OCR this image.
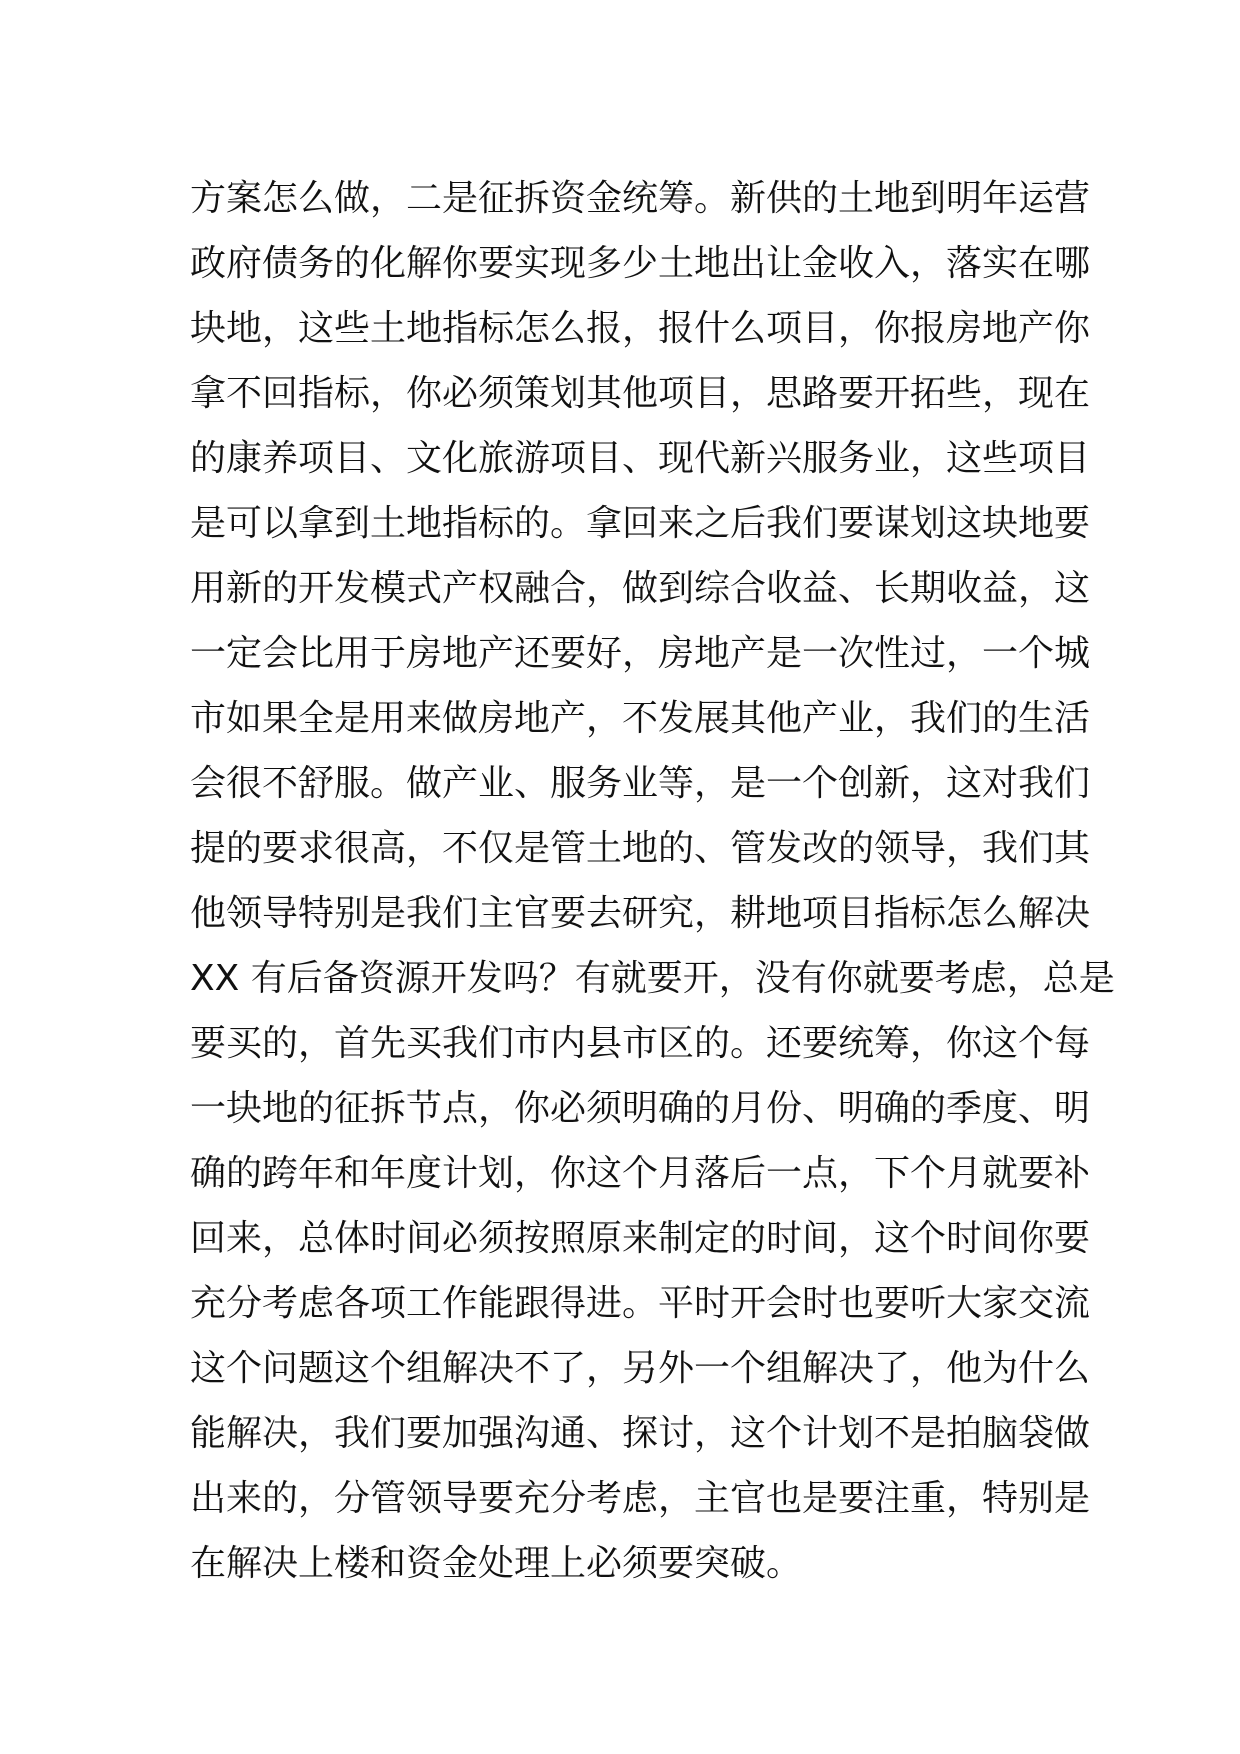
方案怎么做，二是征拆资金统筹。新供的土地到明年运营
政府债务的化解你要实现多少土地出让金收入，落实在哪
块地，这些土地指标怎么报，报什么项目，你报房地产你
拿不回指标，你必须策划其他项目，思路要开拓些，现在
的康养项目、文化旅游项目、现代新兴服务业，这些项目
是可以拿到土地指标的。拿回来之后我们要谋划这块地要
用新的开发模式产权融合，做到综合收益、长期收益，这
一定会比用于房地产还要好，房地产是一次性过，一个城
市如果全是用来做房地产，不发展其他产业，我们的生活
会很不舒服。做产业、服务业等，是一个创新，这对我们
提的要求很高，不仅是管土地的、管发改的领导，我们其
他领导特别是我们主官要去研究，耕地项目指标怎么解决
XX 有后备资源开发吗？有就要开，没有你就要考虑，总是
要买的，首先买我们市内县市区的。还要统筹，你这个每
一块地的征拆节点，你必须明确的月份、明确的季度、明
确的跨年和年度计划，你这个月落后一点，下个月就要补
回来，总体时间必须按照原来制定的时间，这个时间你要
充分考虑各项工作能跟得进。平时开会时也要听大家交流
这个问题这个组解决不了，另外一个组解决了，他为什么
能解决，我们要加强沟通、探讨，这个计划不是拍脑袋做
出来的，分管领导要充分考虑，主官也是要注重，特别是
在解决上楼和资金处理上必须要突破。
